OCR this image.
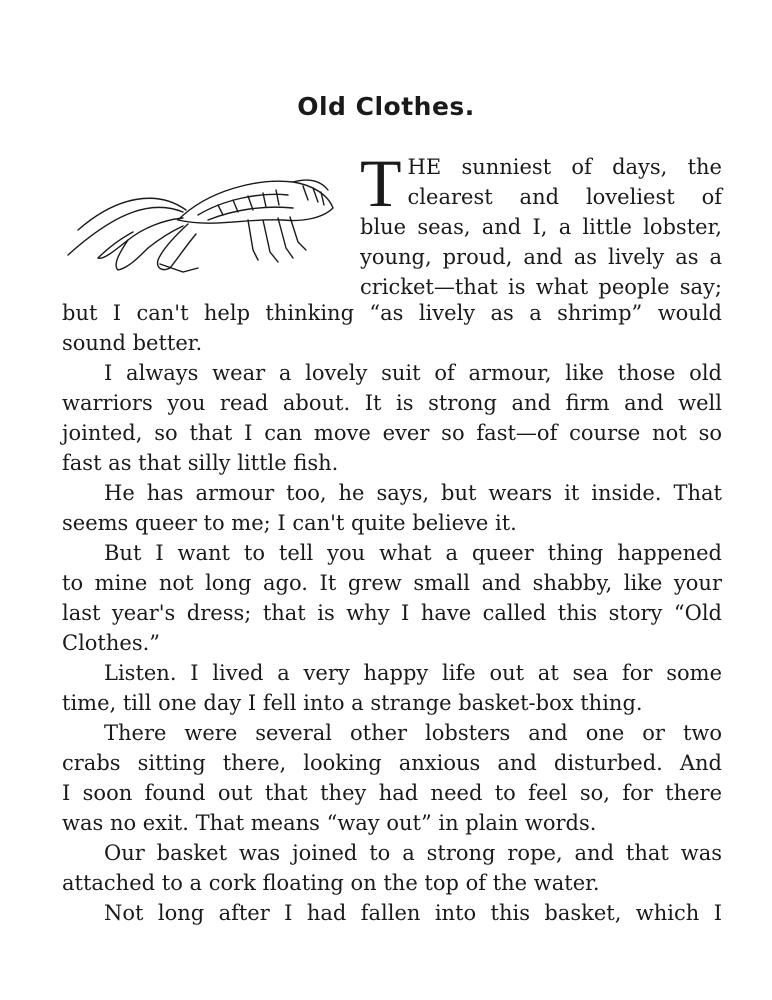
Old Clothes.
T HE sunniest of days, the
clearest and loveliest of
blue seas, and I, a little lobster,
young, proud, and as lively as a
cricket—that is what people say;
but I can't help thinking “as lively as a shrimp” would
sound better.
I always wear a lovely suit of armour, like those old
warriors you read about. It is strong and firm and well
jointed, so that I can move ever so fast—of course not so
fast as that silly little fish.
He has armour too, he says, but wears it inside. That
seems queer to me; I can't quite believe it.
But I want to tell you what a queer thing happened
to mine not long ago. It grew small and shabby, like your
last year's dress; that is why I have called this story “Old
Clothes.”
Listen. I lived a very happy life out at sea for some
time, till one day I fell into a strange basket-box thing.
There were several other lobsters and one or two
crabs sitting there, looking anxious and disturbed. And
I soon found out that they had need to feel so, for there
was no exit. That means “way out” in plain words.
Our basket was joined to a strong rope, and that was
attached to a cork floating on the top of the water.
Not long after I had fallen into this basket, which I
